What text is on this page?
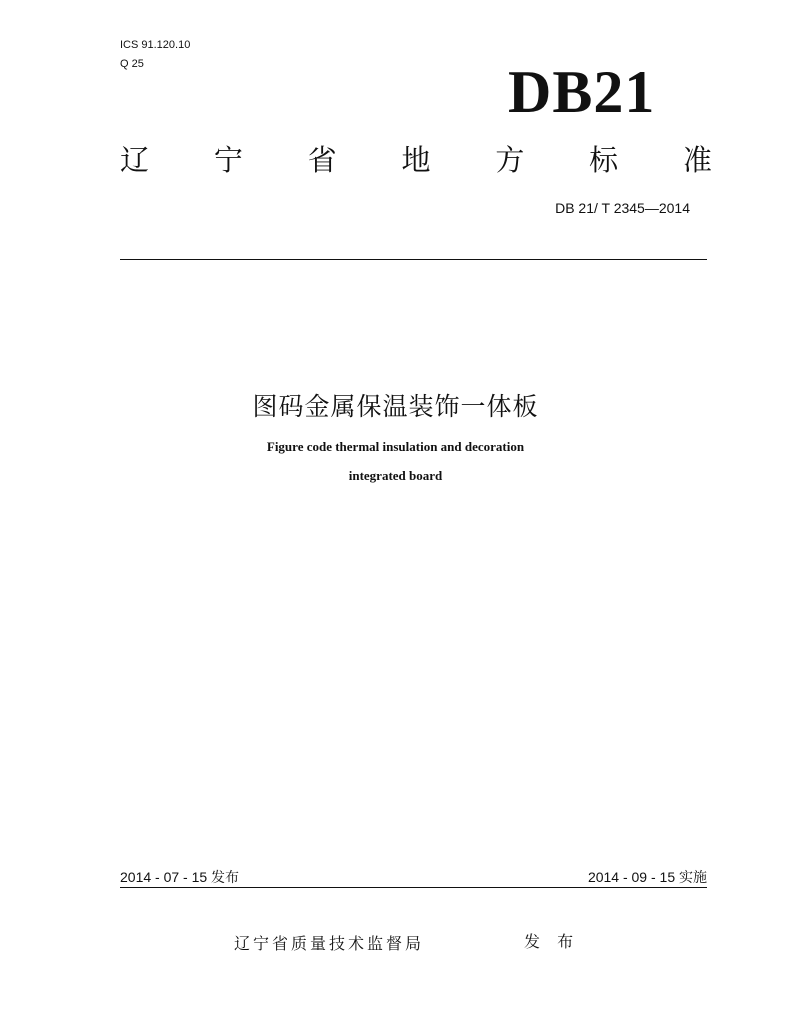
ICS 91.120.10
Q 25	DB21
辽 宁 省 地 方 标 准
DB 21/ T 2345—2014
图码金属保温装饰一体板
Figure code thermal insulation and decoration
integrated board
2014 - 07 - 15 发布	2014 - 09 - 15 实施
辽宁省质量技术监督局	发 布
